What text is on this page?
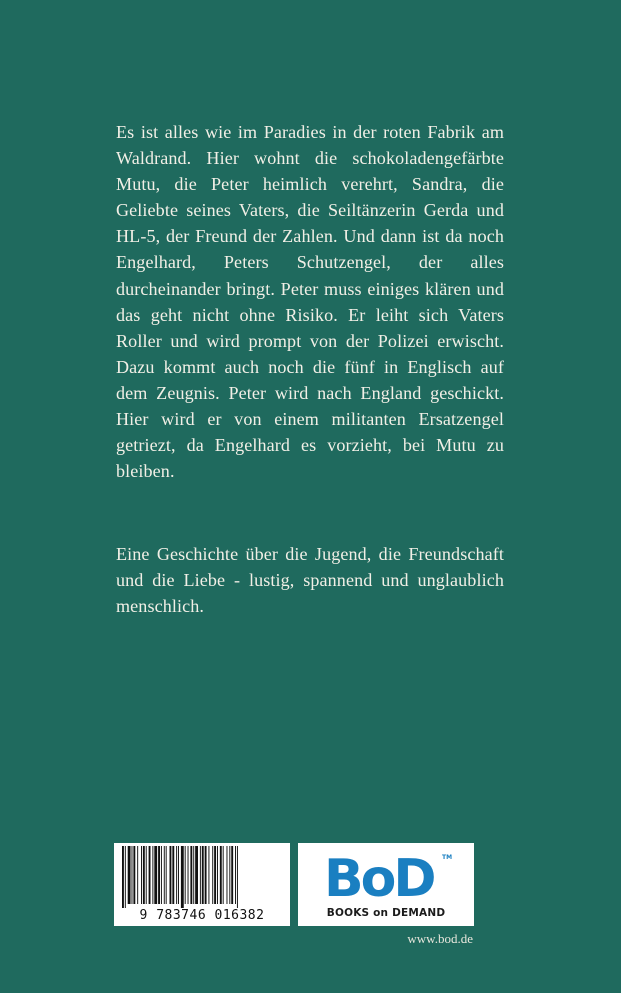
Es ist alles wie im Paradies in der roten Fabrik am Waldrand. Hier wohnt die schokoladengefärbte Mutu, die Peter heimlich verehrt, Sandra, die Geliebte seines Vaters, die Seiltänzerin Gerda und HL-5, der Freund der Zahlen. Und dann ist da noch Engelhard, Peters Schutzengel, der alles durcheinander bringt. Peter muss einiges klären und das geht nicht ohne Risiko. Er leiht sich Vaters Roller und wird prompt von der Polizei erwischt. Dazu kommt auch noch die fünf in Englisch auf dem Zeugnis. Peter wird nach England geschickt. Hier wird er von einem militanten Ersatzengel getriezt, da Engelhard es vorzieht, bei Mutu zu bleiben.

Eine Geschichte über die Jugend, die Freundschaft und die Liebe - lustig, spannend und unglaublich menschlich.

9 783746 016382
BoD TM
BOOKS on DEMAND
www.bod.de
